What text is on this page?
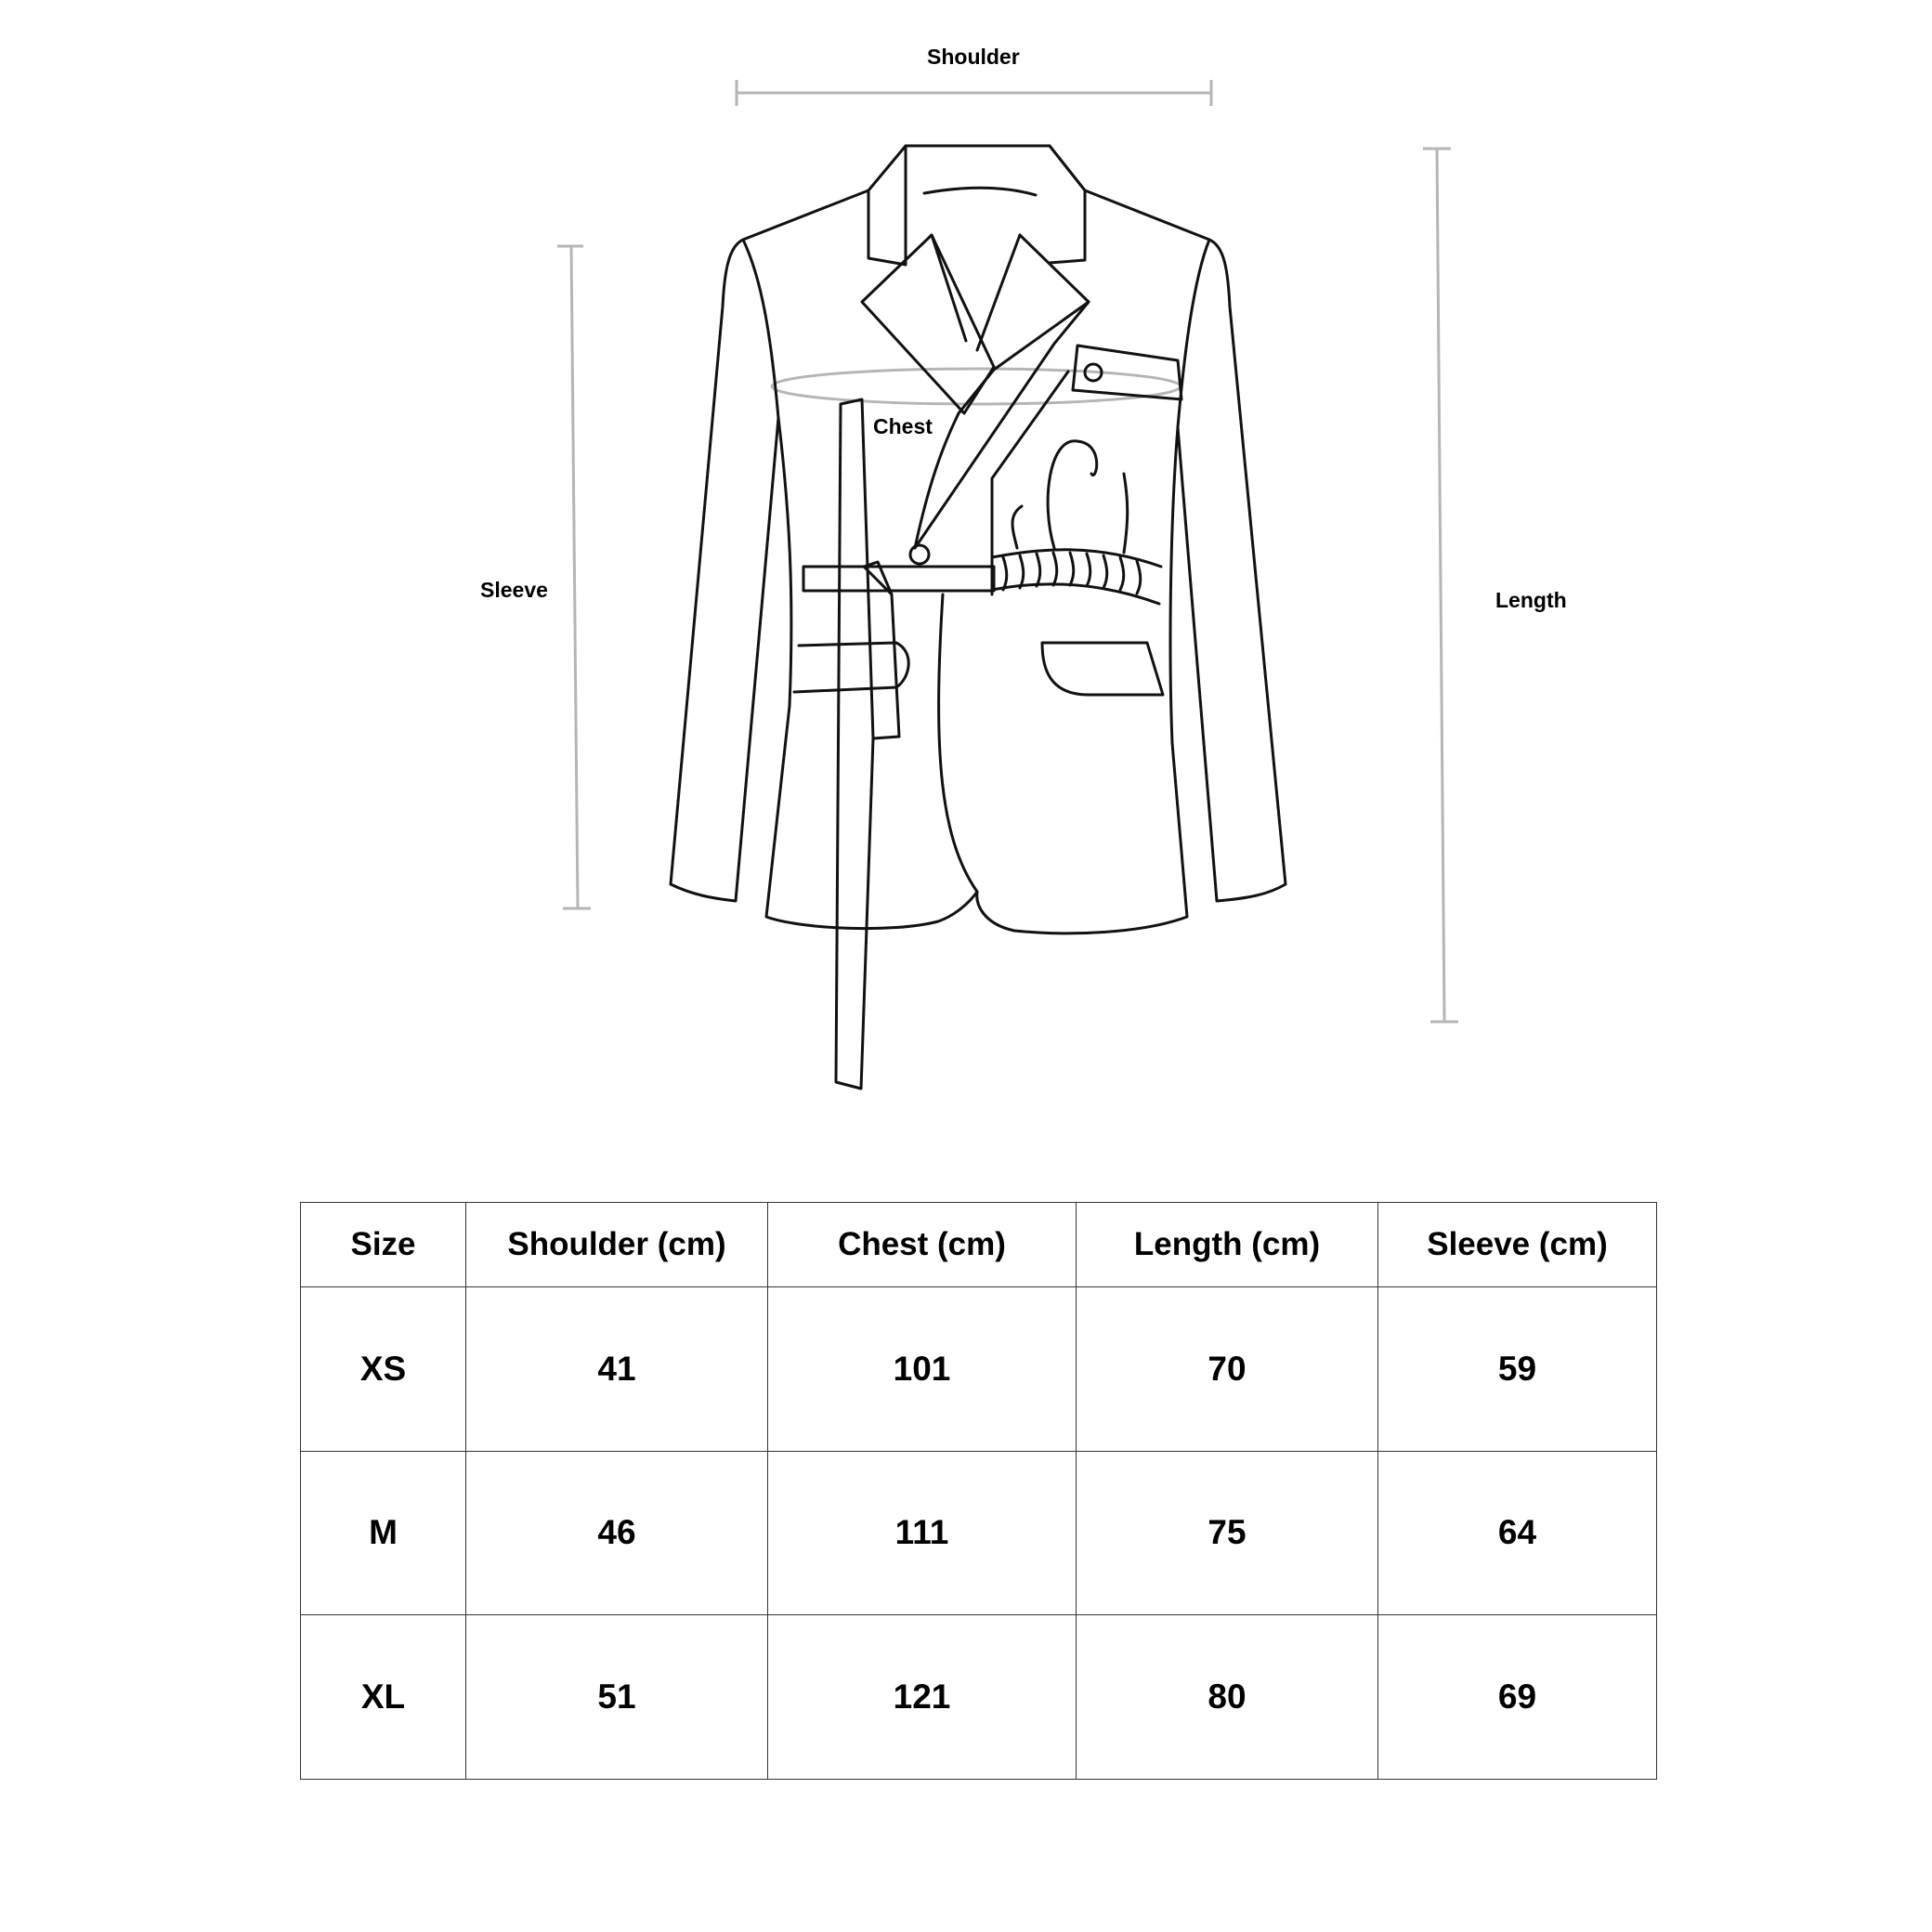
Shoulder
Chest
Sleeve	Length
Size	Shoulder (cm)	Chest (cm)	Length (cm)	Sleeve (cm)
XS	41	101	70	59
M	46	111	75	64
XL	51	121	80	69
